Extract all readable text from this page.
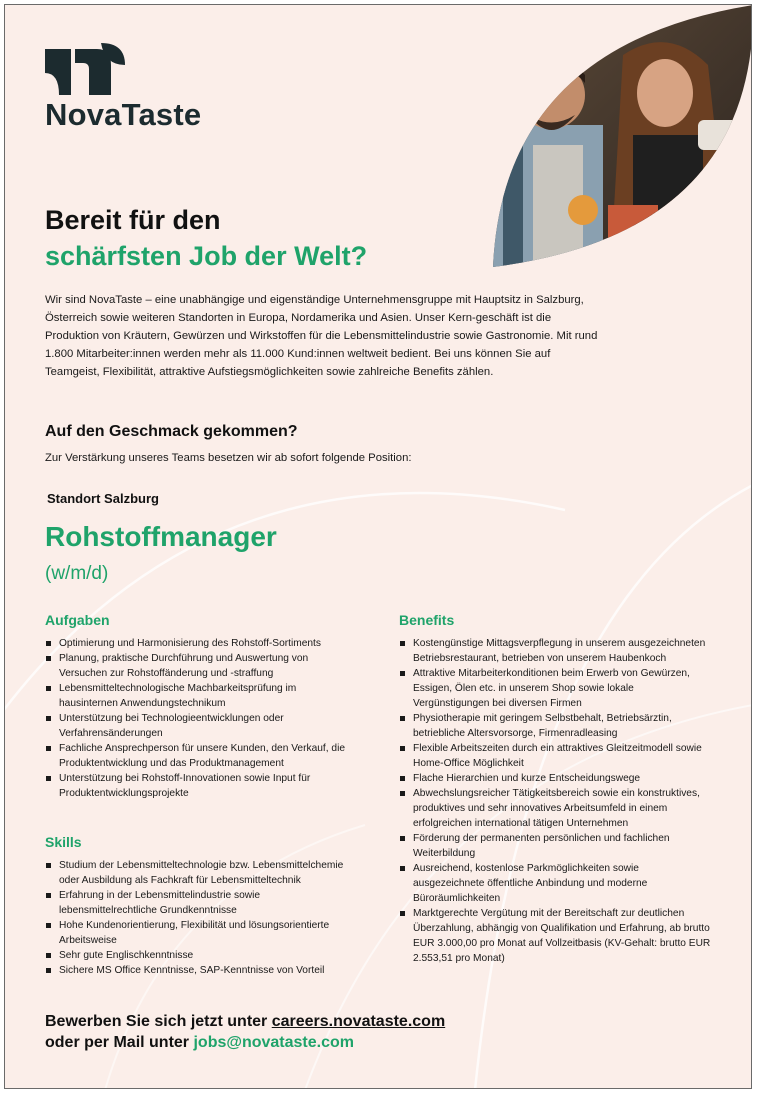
NovaTaste
Bereit für den
schärfsten Job der Welt?
Wir sind NovaTaste – eine unabhängige und eigenständige Unternehmensgruppe mit Hauptsitz in Salzburg, Österreich sowie weiteren Standorten in Europa, Nordamerika und Asien. Unser Kern-geschäft ist die Produktion von Kräutern, Gewürzen und Wirkstoffen für die Lebensmittelindustrie sowie Gastronomie. Mit rund 1.800 Mitarbeiter:innen werden mehr als 11.000 Kund:innen weltweit bedient. Bei uns können Sie auf Teamgeist, Flexibilität, attraktive Aufstiegsmöglichkeiten sowie zahlreiche Benefits zählen.
Auf den Geschmack gekommen?
Zur Verstärkung unseres Teams besetzen wir ab sofort folgende Position:
Standort Salzburg
Rohstoffmanager
(w/m/d)
Aufgaben
Optimierung und Harmonisierung des Rohstoff-Sortiments
Planung, praktische Durchführung und Auswertung von Versuchen zur Rohstoffänderung und -straffung
Lebensmitteltechnologische Machbarkeitsprüfung im hausinternen Anwendungstechnikum
Unterstützung bei Technologieentwicklungen oder Verfahrensänderungen
Fachliche Ansprechperson für unsere Kunden, den Verkauf, die Produktentwicklung und das Produktmanagement
Unterstützung bei Rohstoff-Innovationen sowie Input für Produktentwicklungsprojekte
Skills
Studium der Lebensmitteltechnologie bzw. Lebensmittelchemie oder Ausbildung als Fachkraft für Lebensmitteltechnik
Erfahrung in der Lebensmittelindustrie sowie lebensmittelrechtliche Grundkenntnisse
Hohe Kundenorientierung, Flexibilität und lösungsorientierte Arbeitsweise
Sehr gute Englischkenntnisse
Sichere MS Office Kenntnisse, SAP-Kenntnisse von Vorteil
Benefits
Kostengünstige Mittagsverpflegung in unserem ausgezeichneten Betriebsrestaurant, betrieben von unserem Haubenkoch
Attraktive Mitarbeiterkonditionen beim Erwerb von Gewürzen, Essigen, Ölen etc. in unserem Shop sowie lokale Vergünstigungen bei diversen Firmen
Physiotherapie mit geringem Selbstbehalt, Betriebsärztin, betriebliche Altersvorsorge, Firmenradleasing
Flexible Arbeitszeiten durch ein attraktives Gleitzeitmodell sowie Home-Office Möglichkeit
Flache Hierarchien und kurze Entscheidungswege
Abwechslungsreicher Tätigkeitsbereich sowie ein konstruktives, produktives und sehr innovatives Arbeitsumfeld in einem erfolgreichen international tätigen Unternehmen
Förderung der permanenten persönlichen und fachlichen Weiterbildung
Ausreichend, kostenlose Parkmöglichkeiten sowie ausgezeichnete öffentliche Anbindung und moderne Büroräumlichkeiten
Marktgerechte Vergütung mit der Bereitschaft zur deutlichen Überzahlung, abhängig von Qualifikation und Erfahrung, ab brutto EUR 3.000,00 pro Monat auf Vollzeitbasis (KV-Gehalt: brutto EUR 2.553,51 pro Monat)
Bewerben Sie sich jetzt unter careers.novataste.com
oder per Mail unter jobs@novataste.com
